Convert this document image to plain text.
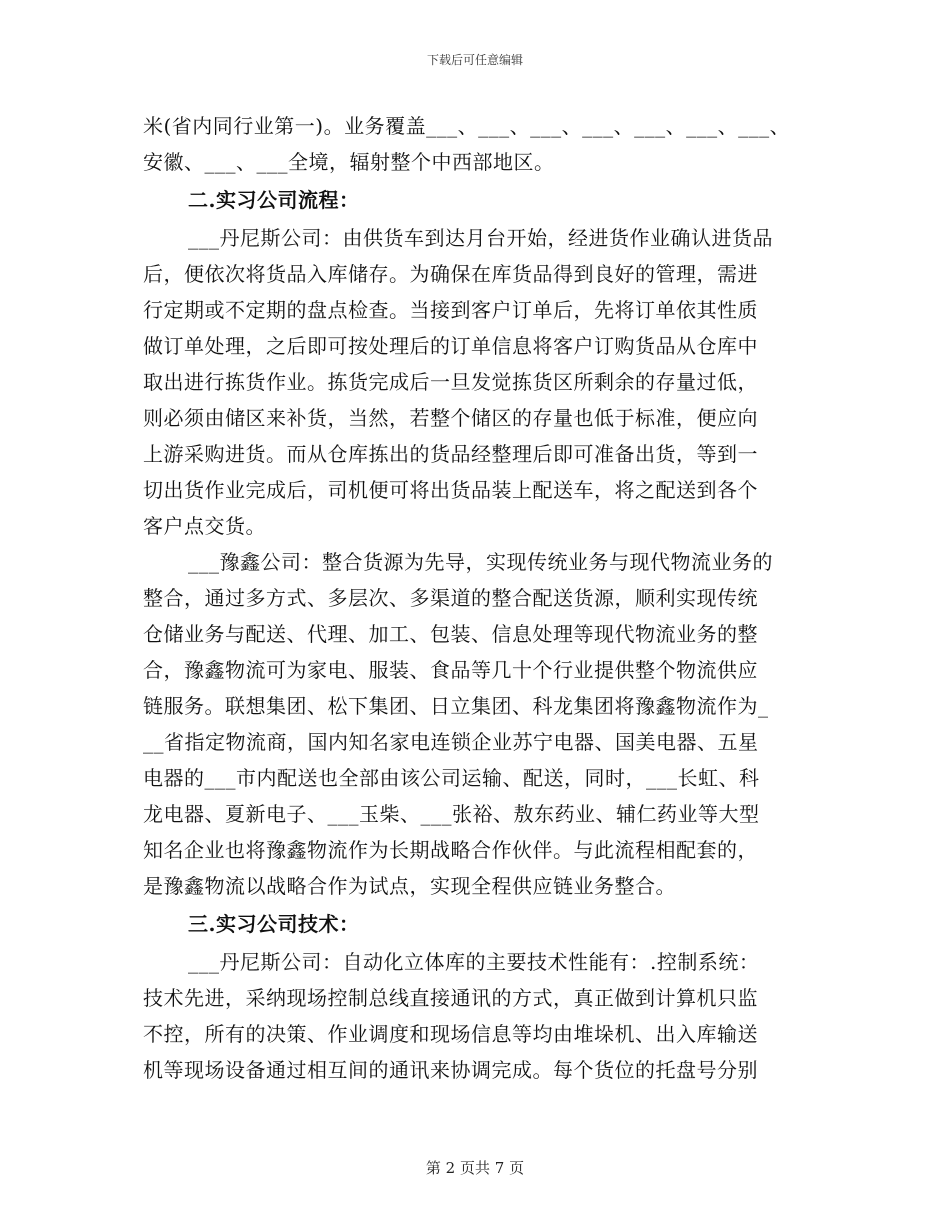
下载后可任意编辑
米(省内同行业第一)。业务覆盖___、___、___、___、___、___、___、
安徽、___、___全境，辐射整个中西部地区。
二.实习公司流程：
___丹尼斯公司：由供货车到达月台开始，经进货作业确认进货品
后，便依次将货品入库储存。为确保在库货品得到良好的管理，需进
行定期或不定期的盘点检查。当接到客户订单后，先将订单依其性质
做订单处理，之后即可按处理后的订单信息将客户订购货品从仓库中
取出进行拣货作业。拣货完成后一旦发觉拣货区所剩余的存量过低，
则必须由储区来补货，当然，若整个储区的存量也低于标准，便应向
上游采购进货。而从仓库拣出的货品经整理后即可准备出货，等到一
切出货作业完成后，司机便可将出货品装上配送车，将之配送到各个
客户点交货。
___豫鑫公司：整合货源为先导，实现传统业务与现代物流业务的
整合，通过多方式、多层次、多渠道的整合配送货源，顺利实现传统
仓储业务与配送、代理、加工、包装、信息处理等现代物流业务的整
合，豫鑫物流可为家电、服装、食品等几十个行业提供整个物流供应
链服务。联想集团、松下集团、日立集团、科龙集团将豫鑫物流作为_
__省指定物流商，国内知名家电连锁企业苏宁电器、国美电器、五星
电器的___市内配送也全部由该公司运输、配送，同时，___长虹、科
龙电器、夏新电子、___玉柴、___张裕、敖东药业、辅仁药业等大型
知名企业也将豫鑫物流作为长期战略合作伙伴。与此流程相配套的，
是豫鑫物流以战略合作为试点，实现全程供应链业务整合。
三.实习公司技术：
___丹尼斯公司：自动化立体库的主要技术性能有：.控制系统：
技术先进，采纳现场控制总线直接通讯的方式，真正做到计算机只监
不控，所有的决策、作业调度和现场信息等均由堆垛机、出入库输送
机等现场设备通过相互间的通讯来协调完成。每个货位的托盘号分别
第 2 页共 7 页
